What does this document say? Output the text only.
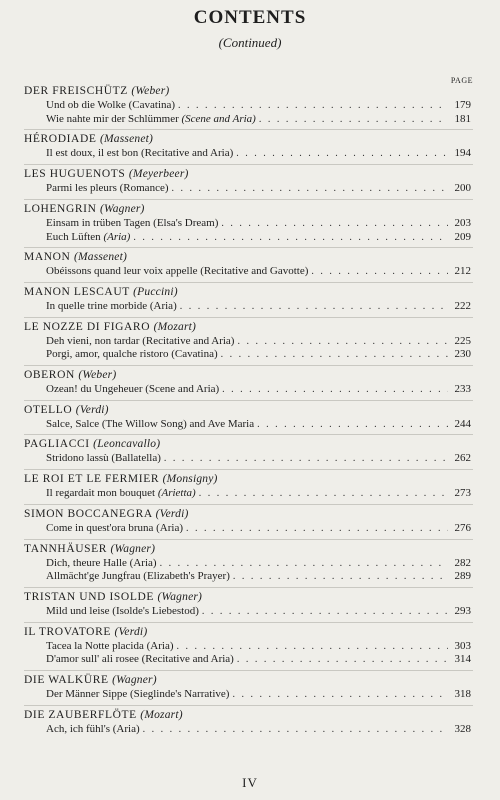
CONTENTS
(Continued)
PAGE
DER FREISCHÜTZ (Weber)
Und ob die Wolke (Cavatina) . . .	179
Wie nahte mir der Schlümmer (Scene and Aria) . . .	181
HÉRODIADE (Massenet)
Il est doux, il est bon (Recitative and Aria) . . .	194
LES HUGUENOTS (Meyerbeer)
Parmi les pleurs (Romance) . . .	200
LOHENGRIN (Wagner)
Einsam in trüben Tagen (Elsa's Dream) . . .	203
Euch Lüften (Aria) . . .	209
MANON (Massenet)
Obéissons quand leur voix appelle (Recitative and Gavotte) . . .	212
MANON LESCAUT (Puccini)
In quelle trine morbide (Aria) . . .	222
LE NOZZE DI FIGARO (Mozart)
Deh vieni, non tardar (Recitative and Aria) . . .	225
Porgi, amor, qualche ristoro (Cavatina) . . .	230
OBERON (Weber)
Ozean! du Ungeheuer (Scene and Aria) . . .	233
OTELLO (Verdi)
Salce, Salce (The Willow Song) and Ave Maria . . .	244
PAGLIACCI (Leoncavallo)
Stridono lassù (Ballatella) . . .	262
LE ROI ET LE FERMIER (Monsigny)
Il regardait mon bouquet (Arietta) . . .	273
SIMON BOCCANEGRA (Verdi)
Come in quest'ora bruna (Aria) . . .	276
TANNHÄUSER (Wagner)
Dich, theure Halle (Aria) . . .	282
Allmächt'ge Jungfrau (Elizabeth's Prayer) . . .	289
TRISTAN UND ISOLDE (Wagner)
Mild und leise (Isolde's Liebestod) . . .	293
IL TROVATORE (Verdi)
Tacea la Notte placida (Aria) . . .	303
D'amor sull' ali rosee (Recitative and Aria) . . .	314
DIE WALKÜRE (Wagner)
Der Männer Sippe (Sieglinde's Narrative) . . .	318
DIE ZAUBERFLÖTE (Mozart)
Ach, ich fühl's (Aria) . . .	328
IV
